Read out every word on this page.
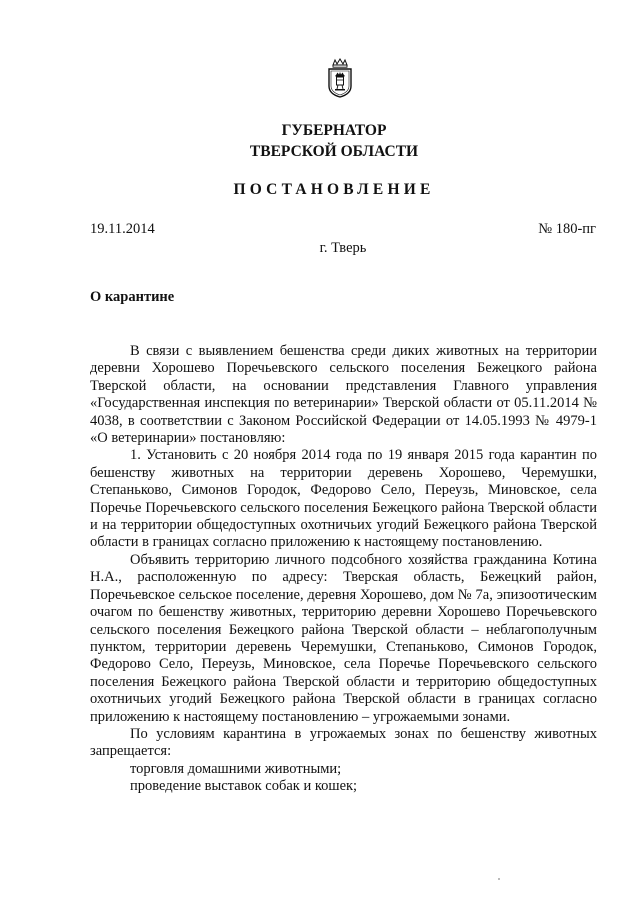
ГУБЕРНАТОР
ТВЕРСКОЙ ОБЛАСТИ
ПОСТАНОВЛЕНИЕ
19.11.2014	№ 180-пг
г. Тверь
О карантине

В связи с выявлением бешенства среди диких животных на территории деревни Хорошево Поречьевского сельского поселения Бежецкого района Тверской области, на основании представления Главного управления «Государственная инспекция по ветеринарии» Тверской области от 05.11.2014 № 4038, в соответствии с Законом Российской Федерации от 14.05.1993 № 4979-1 «О ветеринарии» постановляю:

1. Установить с 20 ноября 2014 года по 19 января 2015 года карантин по бешенству животных на территории деревень Хорошево, Черемушки, Степаньково, Симонов Городок, Федорово Село, Переузь, Миновское, села Поречье Поречьевского сельского поселения Бежецкого района Тверской области и на территории общедоступных охотничьих угодий Бежецкого района Тверской области в границах согласно приложению к настоящему постановлению.

Объявить территорию личного подсобного хозяйства гражданина Котина Н.А., расположенную по адресу: Тверская область, Бежецкий район, Поречьевское сельское поселение, деревня Хорошево, дом № 7а, эпизоотическим очагом по бешенству животных, территорию деревни Хорошево Поречьевского сельского поселения Бежецкого района Тверской области – неблагополучным пунктом, территории деревень Черемушки, Степаньково, Симонов Городок, Федорово Село, Переузь, Миновское, села Поречье Поречьевского сельского поселения Бежецкого района Тверской области и территорию общедоступных охотничьих угодий Бежецкого района Тверской области в границах согласно приложению к настоящему постановлению – угрожаемыми зонами.

По условиям карантина в угрожаемых зонах по бешенству животных запрещается:

торговля домашними животными;

проведение выставок собак и кошек;
